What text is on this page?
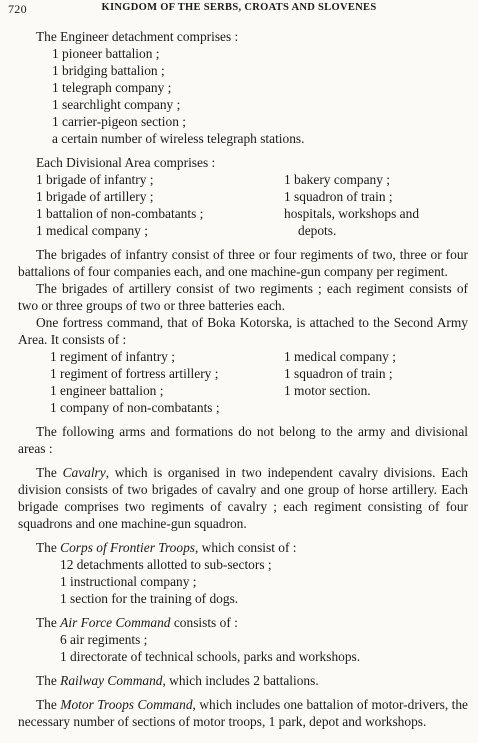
720	KINGDOM OF THE SERBS, CROATS AND SLOVENES

The Engineer detachment comprises :

1 pioneer battalion ;
1 bridging battalion ;
1 telegraph company ;
1 searchlight company ;
1 carrier-pigeon section ;
a certain number of wireless telegraph stations.

Each Divisional Area comprises :

1 brigade of infantry ;
1 brigade of artillery ;
1 battalion of non-combatants ;
1 medical company ;
1 bakery company ;
1 squadron of train ;
hospitals, workshops and
depots.

The brigades of infantry consist of three or four regiments of two, three or four battalions of four companies each, and one machine-gun company per regiment.

The brigades of artillery consist of two regiments ; each regiment consists of two or three groups of two or three batteries each.

One fortress command, that of Boka Kotorska, is attached to the Second Army Area. It consists of :

1 regiment of infantry ;
1 regiment of fortress artillery ;
1 engineer battalion ;
1 company of non-combatants ;
1 medical company ;
1 squadron of train ;
1 motor section.

The following arms and formations do not belong to the army and divisional areas :

The Cavalry, which is organised in two independent cavalry divisions. Each division consists of two brigades of cavalry and one group of horse artillery. Each brigade comprises two regiments of cavalry ; each regiment consisting of four squadrons and one machine-gun squadron.

The Corps of Frontier Troops, which consist of :

12 detachments allotted to sub-sectors ;
1 instructional company ;
1 section for the training of dogs.

The Air Force Command consists of :

6 air regiments ;
1 directorate of technical schools, parks and workshops.

The Railway Command, which includes 2 battalions.

The Motor Troops Command, which includes one battalion of motor-drivers, the necessary number of sections of motor troops, 1 park, depot and workshops.
